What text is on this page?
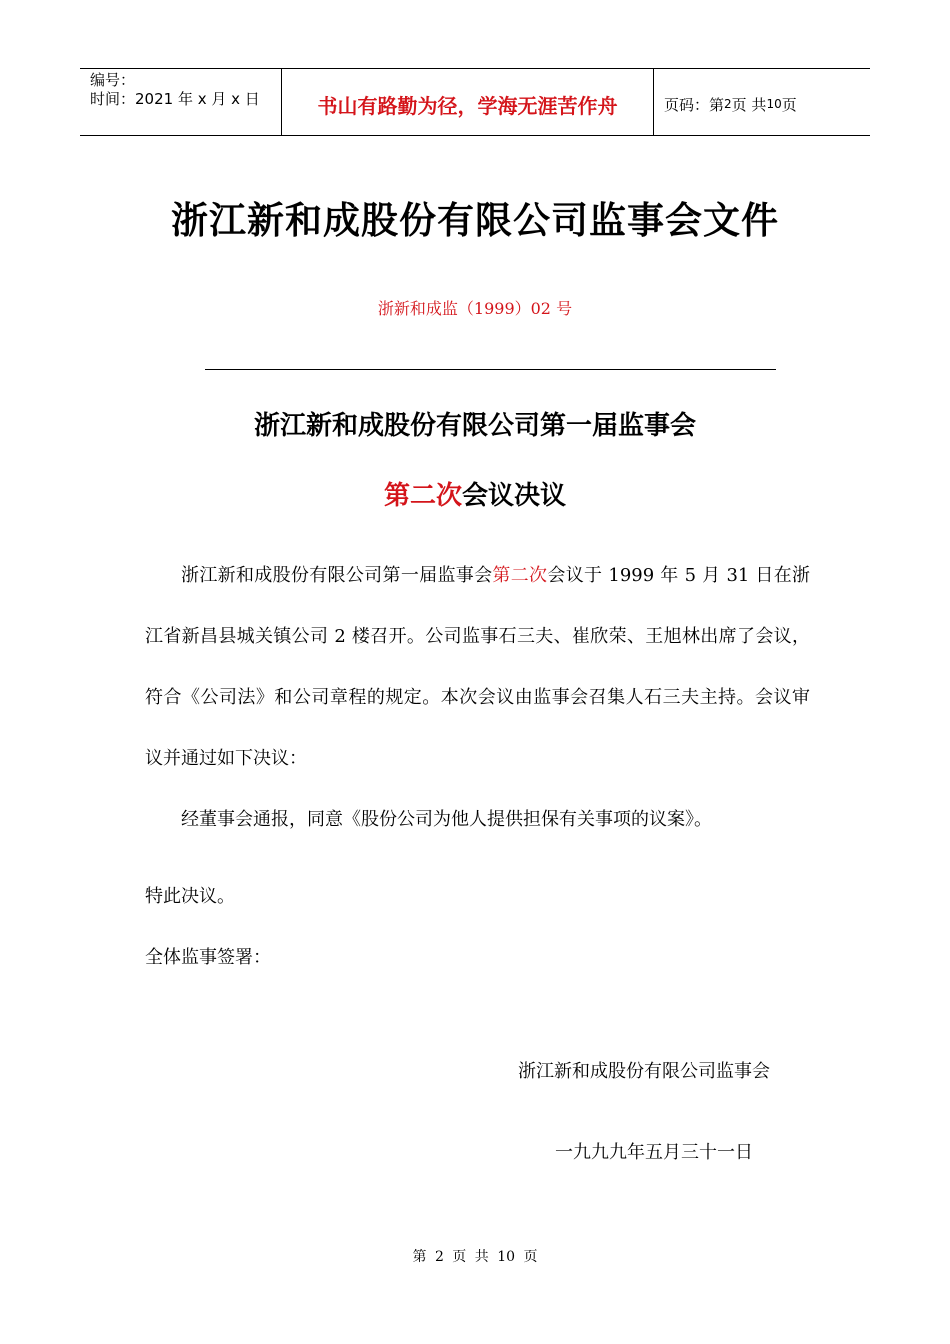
编号：
时间：2021 年 x 月 x 日	书山有路勤为径，学海无涯苦作舟	页码：第 2 页 共 10 页
浙江新和成股份有限公司监事会文件
浙新和成监（1999）02 号
浙江新和成股份有限公司第一届监事会
第二次会议决议

浙江新和成股份有限公司第一届监事会第二次会议于 1999 年 5 月 31 日在浙江省新昌县城关镇公司 2 楼召开。公司监事石三夫、崔欣荣、王旭林出席了会议，符合《公司法》和公司章程的规定。本次会议由监事会召集人石三夫主持。会议审议并通过如下决议：

经董事会通报，同意《股份公司为他人提供担保有关事项的议案》。

特此决议。

全体监事签署：

浙江新和成股份有限公司监事会
一九九九年五月三十一日
第 2 页 共 10 页
